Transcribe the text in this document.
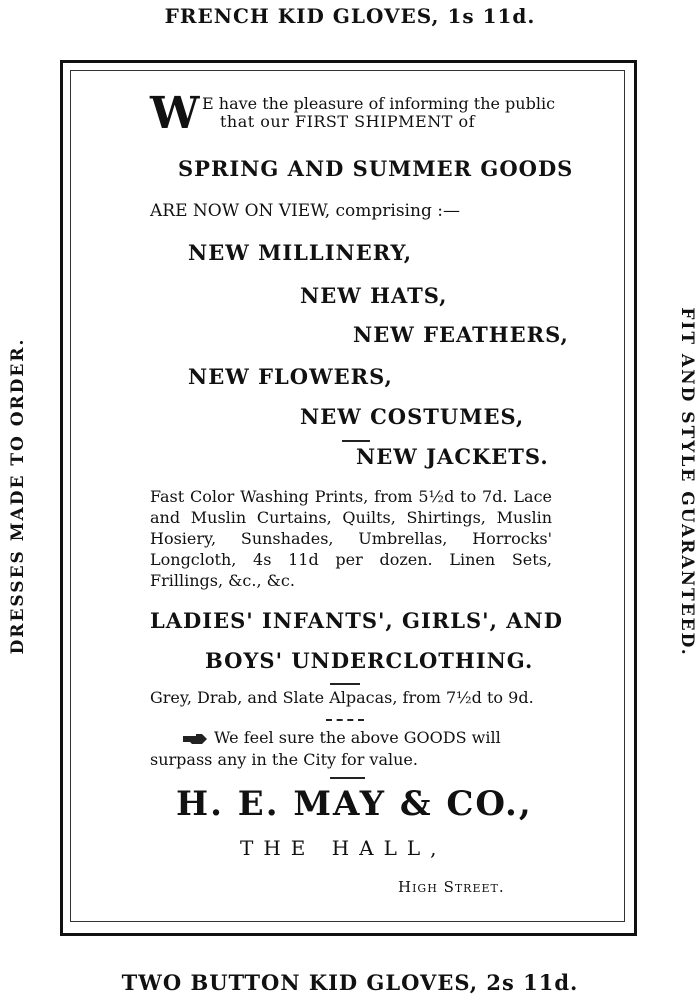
FRENCH KID GLOVES, 1s 11d.
DRESSES MADE TO ORDER.	FIT AND STYLE GUARANTEED.
W E have the pleasure of informing the public
that our FIRST SHIPMENT of
SPRING AND SUMMER GOODS
ARE NOW ON VIEW, comprising :—
NEW MILLINERY,
NEW HATS,
NEW FEATHERS,
NEW FLOWERS,
NEW COSTUMES,
NEW JACKETS.
Fast Color Washing Prints, from 5½d to 7d. Lace and Muslin Curtains, Quilts, Shirtings, Muslin Hosiery, Sunshades, Umbrellas, Horrocks' Longcloth, 4s 11d per dozen. Linen Sets, Frillings, &c., &c.
LADIES' INFANTS', GIRLS', AND
BOYS' UNDERCLOTHING.
Grey, Drab, and Slate Alpacas, from 7½d to 9d.
We feel sure the above GOODS will
surpass any in the City for value.
H. E. MAY & CO.,
THE HALL,
High Street.
TWO BUTTON KID GLOVES, 2s 11d.
